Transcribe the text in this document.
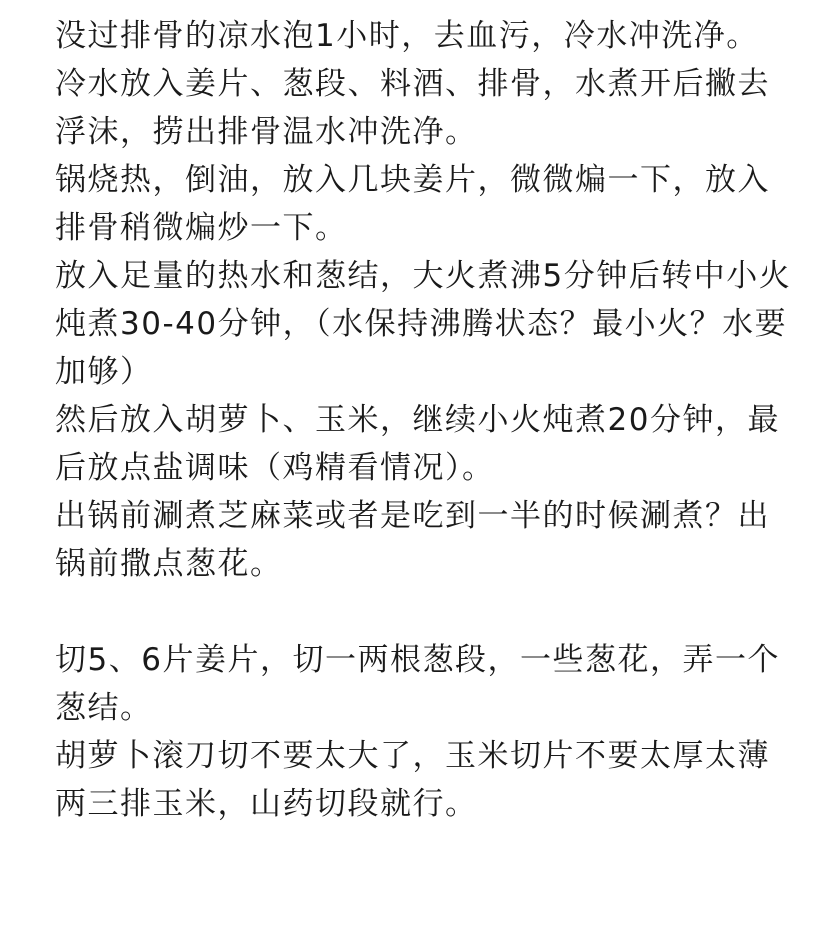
没过排骨的凉水泡1小时，去血污，冷水冲洗净。

冷水放入姜片、葱段、料酒、排骨，水煮开后撇去浮沫，捞出排骨温水冲洗净。

锅烧热，倒油，放入几块姜片，微微煸一下，放入排骨稍微煸炒一下。

放入足量的热水和葱结，大火煮沸5分钟后转中小火炖煮30-40分钟，（水保持沸腾状态？最小火？水要加够）

然后放入胡萝卜、玉米，继续小火炖煮20分钟，最后放点盐调味（鸡精看情况）。

出锅前涮煮芝麻菜或者是吃到一半的时候涮煮？出锅前撒点葱花。

切5、6片姜片，切一两根葱段，一些葱花，弄一个葱结。

胡萝卜滚刀切不要太大了，玉米切片不要太厚太薄两三排玉米，山药切段就行。
